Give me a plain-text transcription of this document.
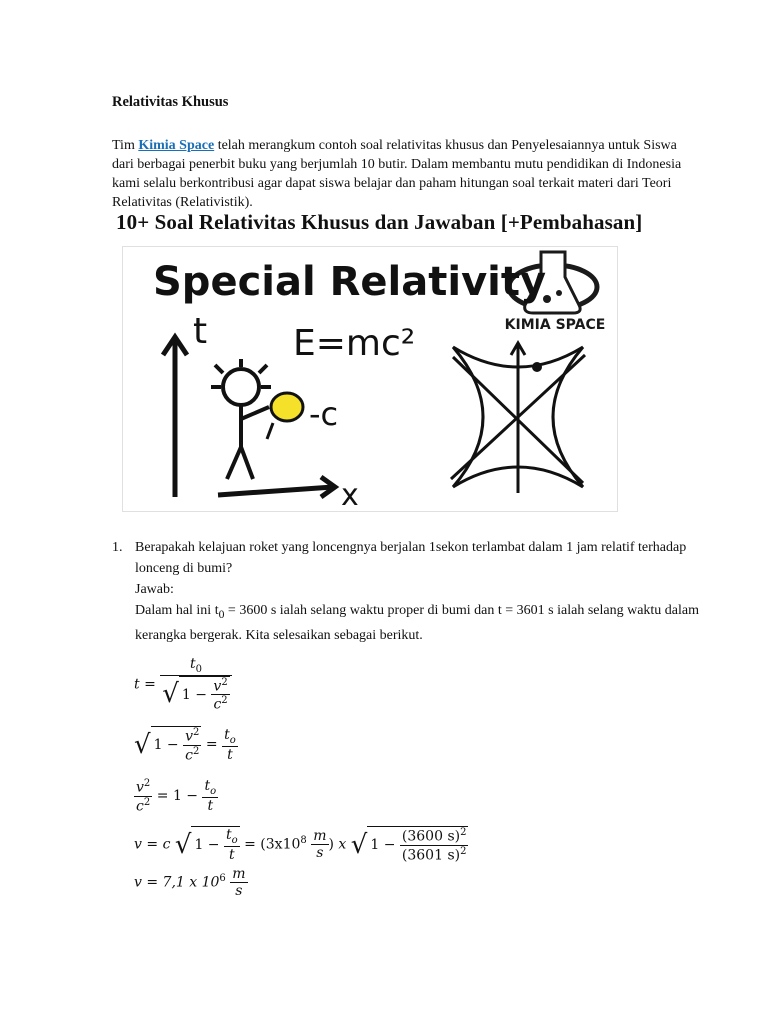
Relativitas Khusus
Tim Kimia Space telah merangkum contoh soal relativitas khusus dan Penyelesaiannya untuk Siswa dari berbagai penerbit buku yang berjumlah 10 butir. Dalam membantu mutu pendidikan di Indonesia kami selalu berkontribusi agar dapat siswa belajar dan paham hitungan soal terkait materi dari Teori Relativitas (Relativistik).
10+ Soal Relativitas Khusus dan Jawaban [+Pembahasan]
KIMIA SPACE
Special Relativity
E=mc²
t
x
-c
1. Berapakah kelajuan roket yang loncengnya berjalan 1sekon terlambat dalam 1 jam relatif terhadap lonceng di bumi?
Jawab:
Dalam hal ini $t_0 = 3600$ s ialah selang waktu proper di bumi dan t = 3601 s ialah selang waktu dalam kerangka bergerak. Kita selesaikan sebagai berikut.
$t = \frac{t_0}{√ 1 - \frac{v^2}{c^2}}$
√ $1 - \frac{v^2}{c^2} = \frac{t_o}{t}$
$\frac{v^2}{c^2} = 1 - \frac{t_o}{t}$
v = c √ $1 - \frac{t_o}{t} = (3x10^8 \frac{m}{s}$ ) x √ $1 - \frac{(3600 s)^2}{(3601 s)^2}$
v = 7,1 x $10^6 \frac{m}{s}$
